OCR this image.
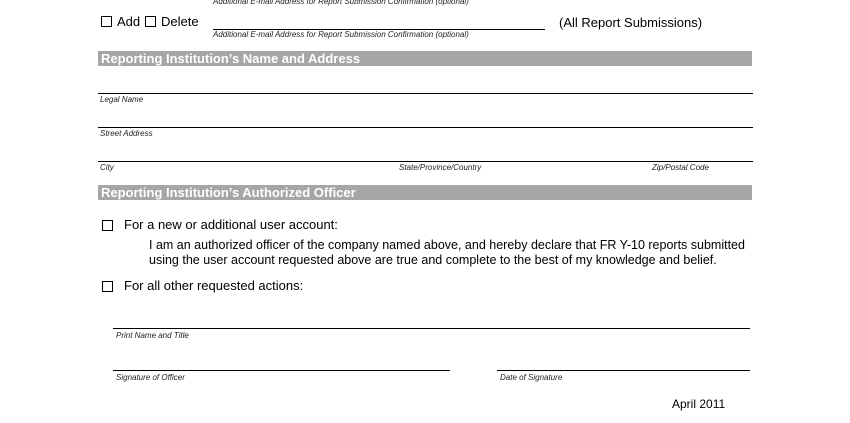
Additional E-mail Address for Report Submission Confirmation (optional)
Add Delete
Additional E-mail Address for Report Submission Confirmation (optional)
(All Report Submissions)
Reporting Institution’s Name and Address
Legal Name
Street Address
City	State/Province/Country	Zip/Postal Code
Reporting Institution’s Authorized Officer
For a new or additional user account:
I am an authorized officer of the company named above, and hereby declare that FR Y-10 reports submitted using the user account requested above are true and complete to the best of my knowledge and belief.
For all other requested actions:
Print Name and Title
Signature of Officer	Date of Signature
April 2011
